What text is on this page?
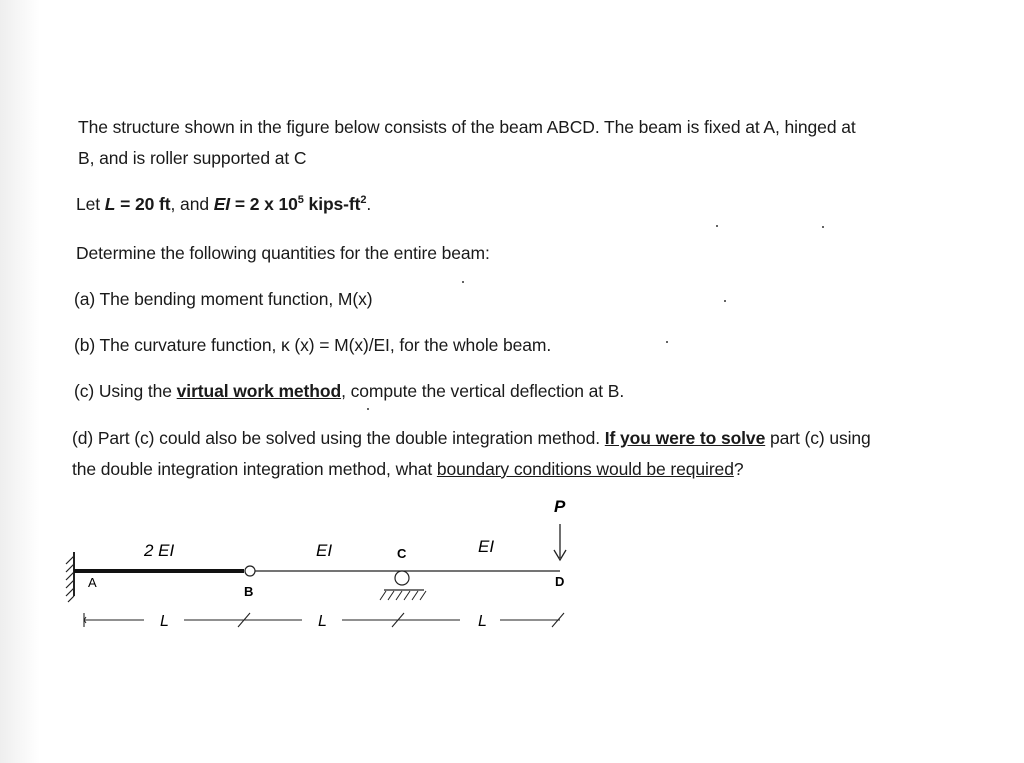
The structure shown in the figure below consists of the beam ABCD. The beam is fixed at A, hinged at
B, and is roller supported at C
Let L = 20 ft, and EI = 2 x $10^5$ kips-$ft^2$.
Determine the following quantities for the entire beam:
(a) The bending moment function, M(x)
(b) The curvature function, κ (x) = M(x)/EI, for the whole beam.
(c) Using the virtual work method, compute the vertical deflection at B.
(d) Part (c) could also be solved using the double integration method. If you were to solve part (c) using
the double integration integration method, what boundary conditions would be required?
2 EI	EI	EI
P
A
B
C
D
L	L	L
